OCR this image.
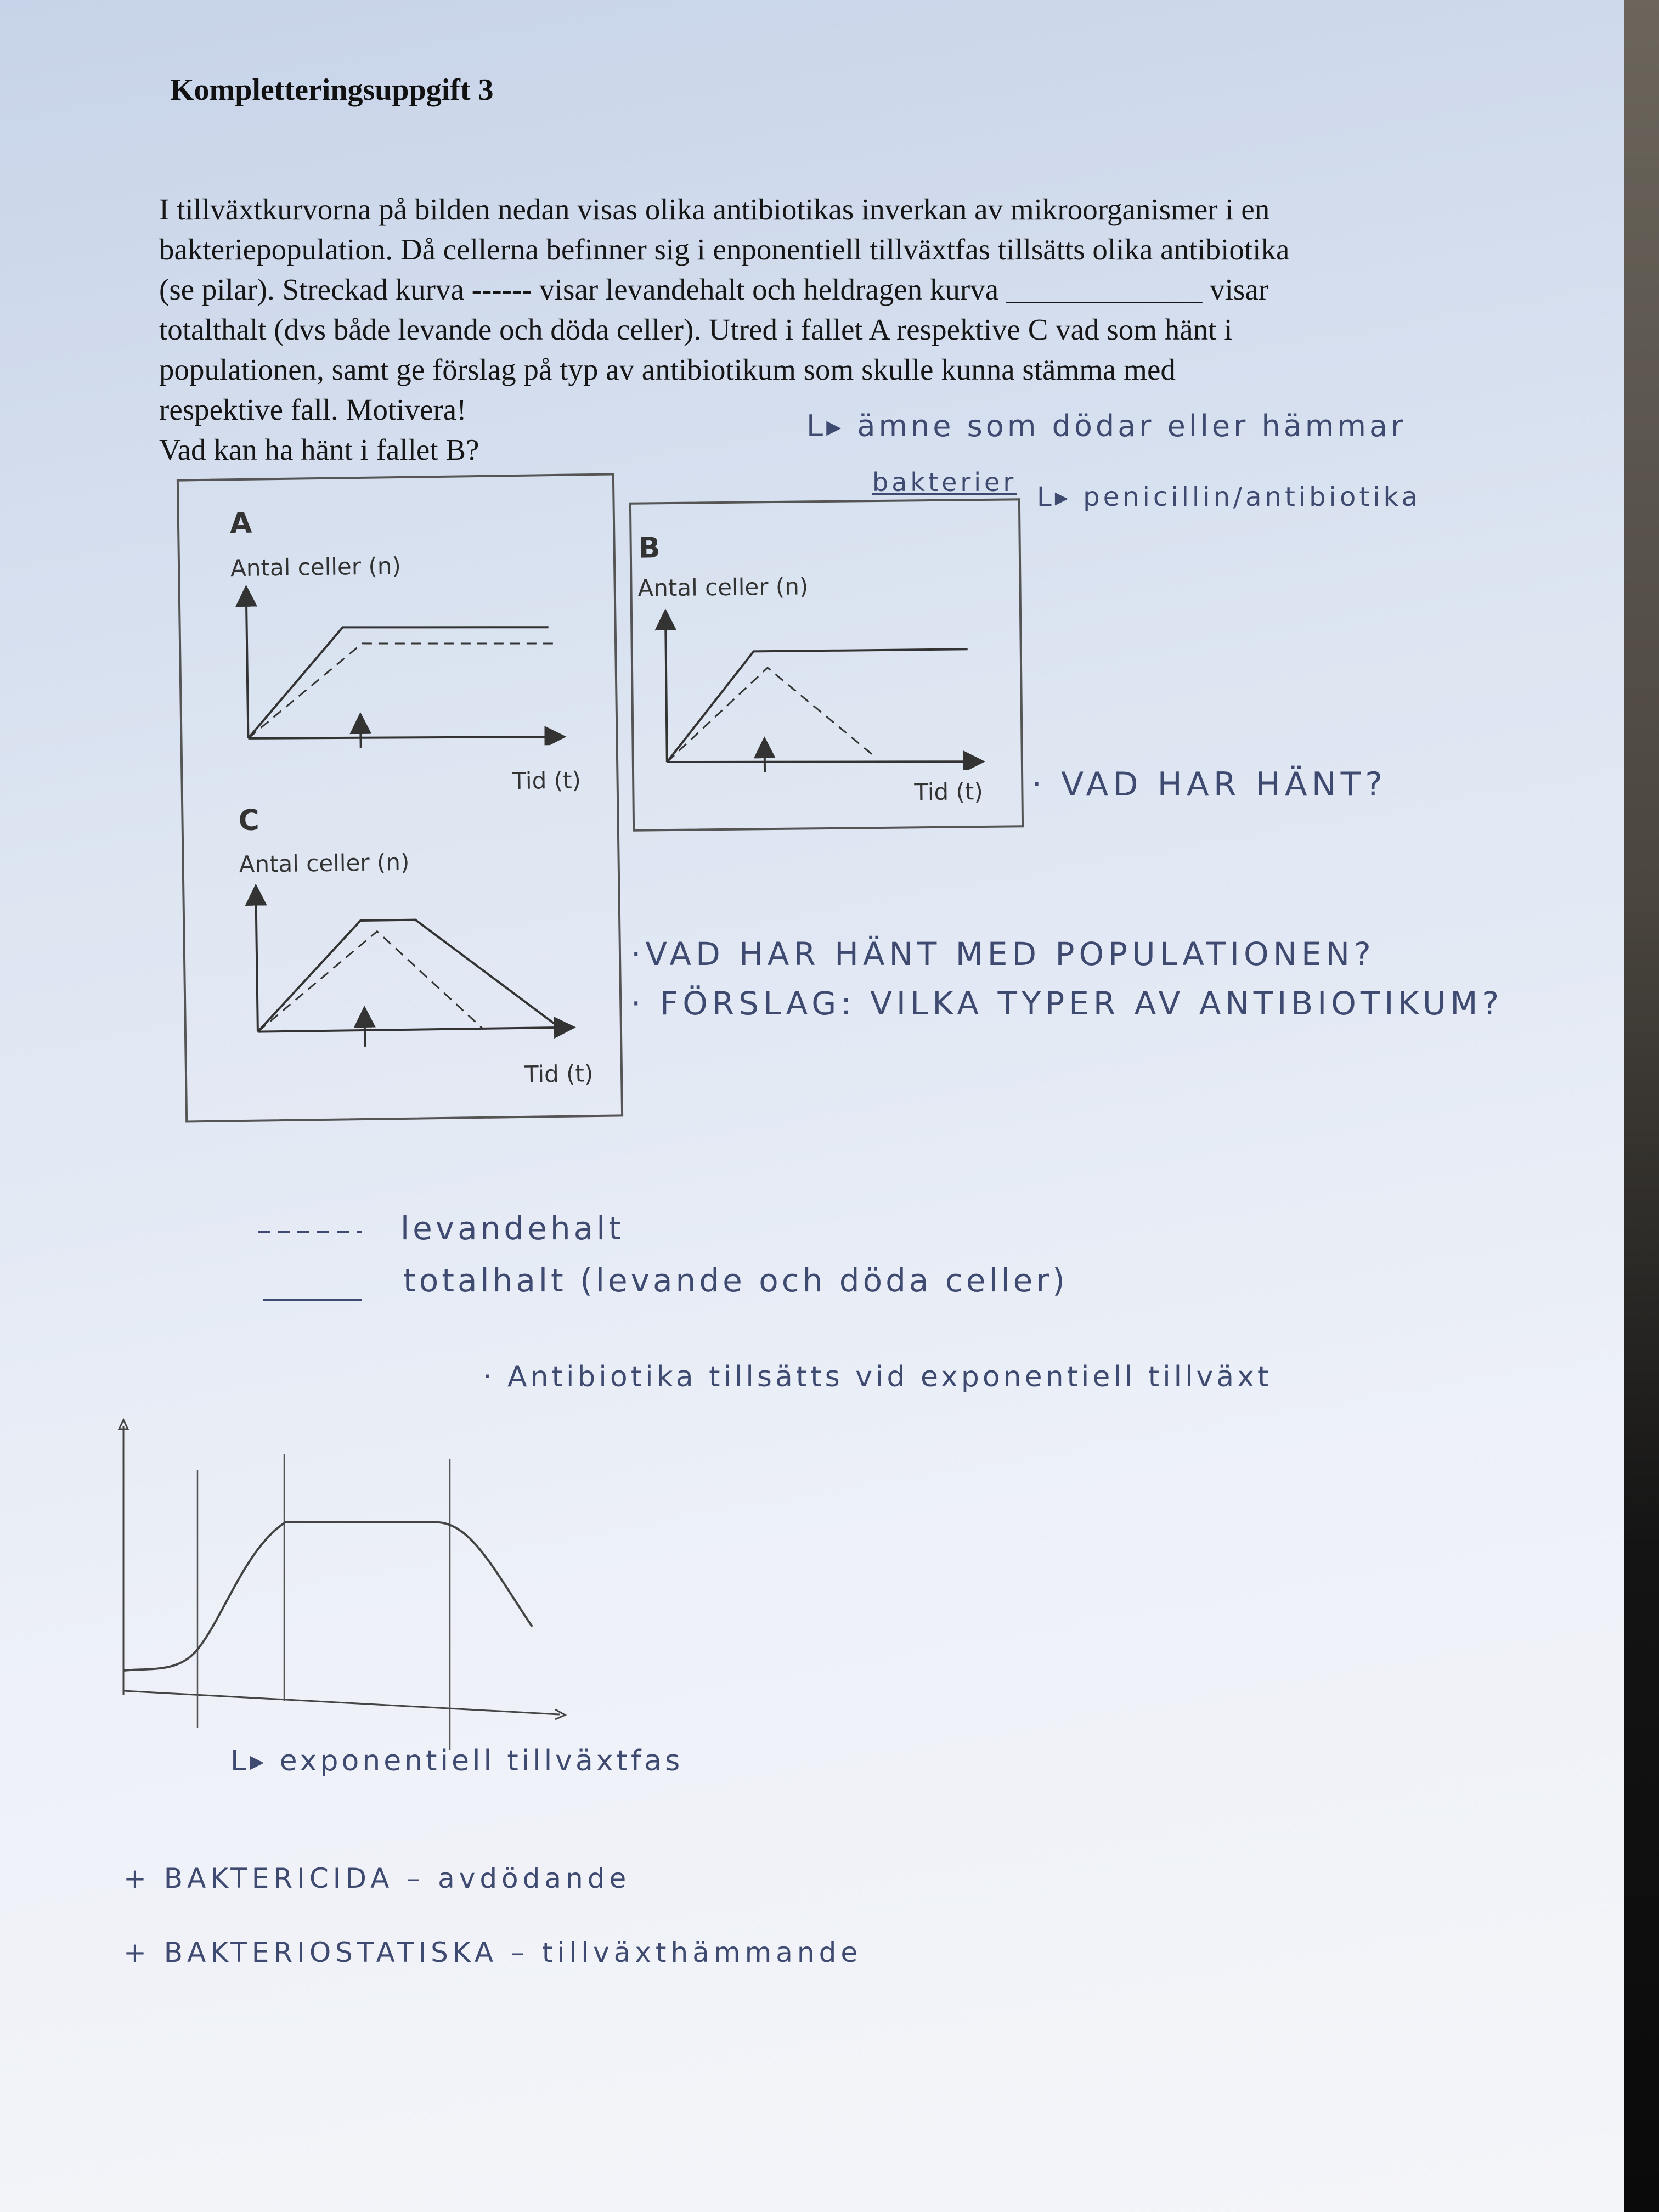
Kompletteringsuppgift 3

I tillväxtkurvorna på bilden nedan visas olika antibiotikas inverkan av mikroorganismer i en

bakteriepopulation. Då cellerna befinner sig i enponentiell tillväxtfas tillsätts olika antibiotika

(se pilar). Streckad kurva ------ visar levandehalt och heldragen kurva _____________ visar

totalthalt (dvs både levande och döda celler). Utred i fallet A respektive C vad som hänt i

populationen, samt ge förslag på typ av antibiotikum som skulle kunna stämma med

respektive fall. Motivera!

Vad kan ha hänt i fallet B?

L▸ ämne som dödar eller hämmar
bakterier L▸ penicillin/antibiotika
A
Antal celler (n)
Tid (t)
C
Antal celler (n)
Tid (t)
B
Antal celler (n)
Tid (t) · VAD HAR HÄNT?
·VAD HAR HÄNT MED POPULATIONEN?
· FÖRSLAG: VILKA TYPER AV ANTIBIOTIKUM?
levandehalt
totalhalt (levande och döda celler)
· Antibiotika tillsätts vid exponentiell tillväxt
L▸ exponentiell tillväxtfas
+ BAKTERICIDA – avdödande
+ BAKTERIOSTATISKA – tillväxthämmande
